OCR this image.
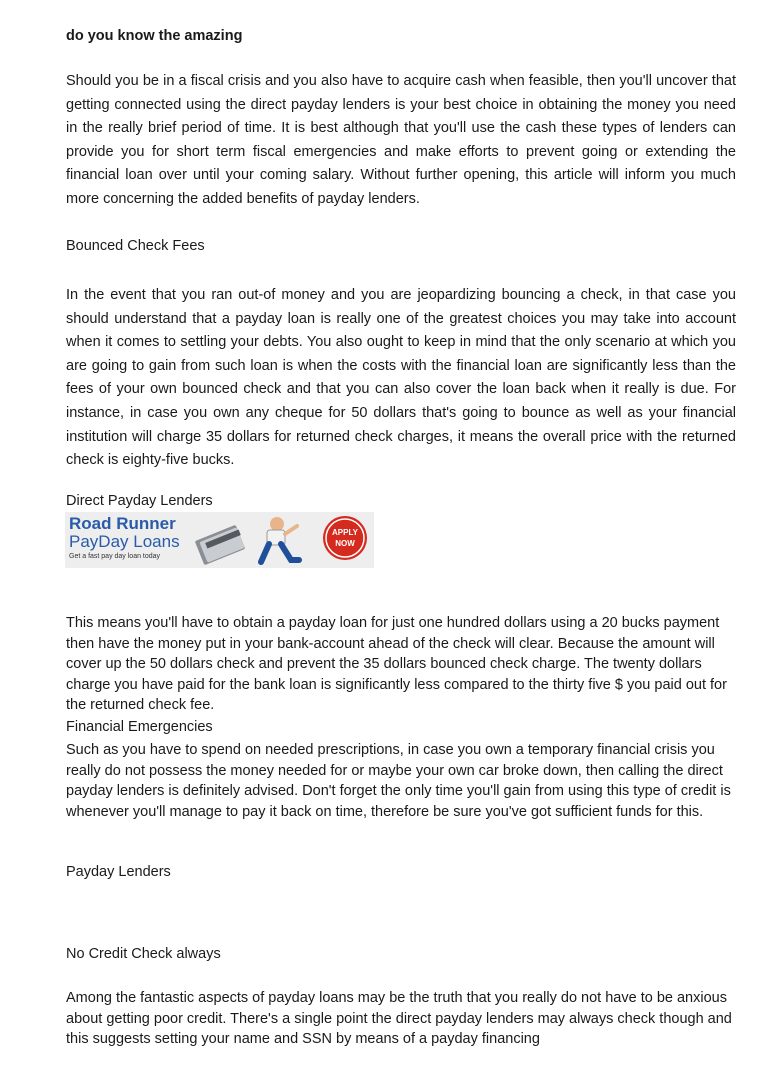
do you know the amazing

Should you be in a fiscal crisis and you also have to acquire cash when feasible, then you'll uncover that getting connected using the direct payday lenders is your best choice in obtaining the money you need in the really brief period of time. It is best although that you'll use the cash these types of lenders can provide you for short term fiscal emergencies and make efforts to prevent going or extending the financial loan over until your coming salary. Without further opening, this article will inform you much more concerning the added benefits of payday lenders.

Bounced Check Fees

In the event that you ran out-of money and you are jeopardizing bouncing a check, in that case you should understand that a payday loan is really one of the greatest choices you may take into account when it comes to settling your debts. You also ought to keep in mind that the only scenario at which you are going to gain from such loan is when the costs with the financial loan are significantly less than the fees of your own bounced check and that you can also cover the loan back when it really is due. For instance, in case you own any cheque for 50 dollars that's going to bounce as well as your financial institution will charge 35 dollars for returned check charges, it means the overall price with the returned check is eighty-five bucks.

Direct Payday Lenders

Road Runner
PayDay Loans
Get a fast pay day loan today
APPLY
NOW

This means you'll have to obtain a payday loan for just one hundred dollars using a 20 bucks payment then have the money put in your bank-account ahead of the check will clear. Because the amount will cover up the 50 dollars check and prevent the 35 dollars bounced check charge. The twenty dollars charge you have paid for the bank loan is significantly less compared to the thirty five $ you paid out for the returned check fee.

Financial Emergencies

Such as you have to spend on needed prescriptions, in case you own a temporary financial crisis you really do not possess the money needed for or maybe your own car broke down, then calling the direct payday lenders is definitely advised. Don't forget the only time you'll gain from using this type of credit is whenever you'll manage to pay it back on time, therefore be sure you've got sufficient funds for this.

Payday Lenders

No Credit Check always

Among the fantastic aspects of payday loans may be the truth that you really do not have to be anxious about getting poor credit. There's a single point the direct payday lenders may always check though and this suggests setting your name and SSN by means of a payday financing
